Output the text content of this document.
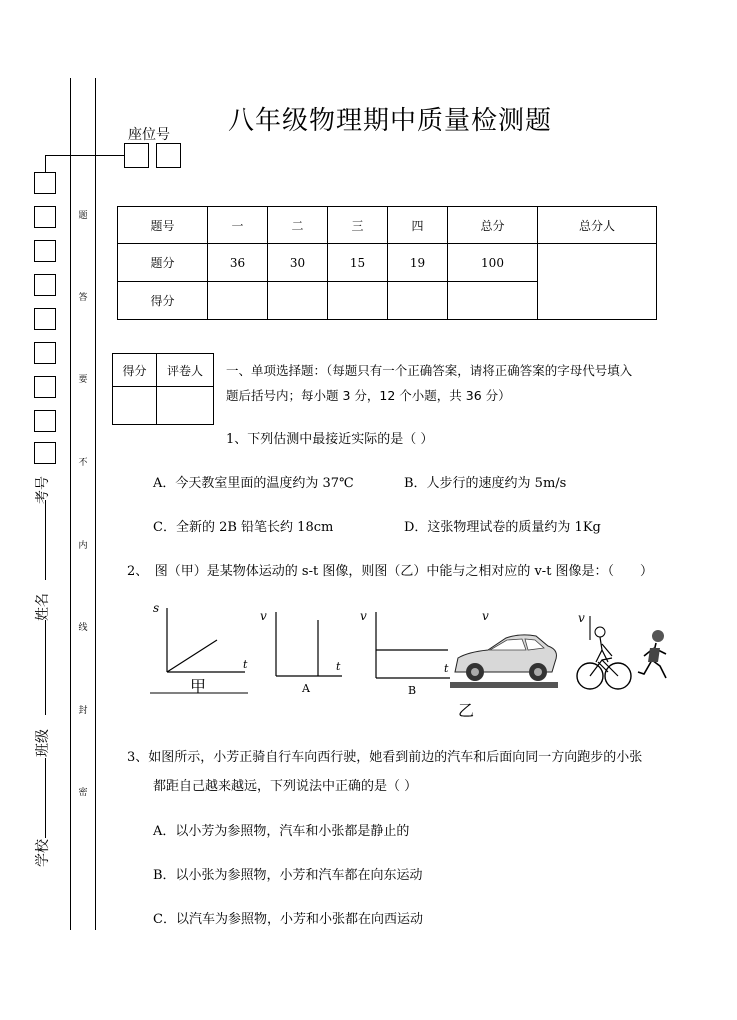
座位号
考号
姓名
班级
学校
题
答
要
不
内
线
封
密
八年级物理期中质量检测题
题号	一	二	三	四	总分	总分人
题分	36	30	15	19	100	
得分						
得分	评卷人
	一、单项选择题：（每题只有一个正确答案，请将正确答案的字母代号填入
题后括号内；每小题 3 分，12 个小题，共 36 分）
1、下列估测中最接近实际的是（ ）
A．今天教室里面的温度约为 37℃	B．人步行的速度约为 5m/s
C．全新的 2B 铅笔长约 18cm	D．这张物理试卷的质量约为 1Kg
2、　图（甲）是某物体运动的 s-t 图像，则图（乙）中能与之相对应的 v-t 图像是：（　　）
s
t
甲
v
t
A
v
t
B
v	v
乙
3、如图所示，小芳正骑自行车向西行驶，她看到前边的汽车和后面向同一方向跑步的小张
都距自己越来越远，下列说法中正确的是（ ）
A．以小芳为参照物，汽车和小张都是静止的
B．以小张为参照物，小芳和汽车都在向东运动
C．以汽车为参照物，小芳和小张都在向西运动
